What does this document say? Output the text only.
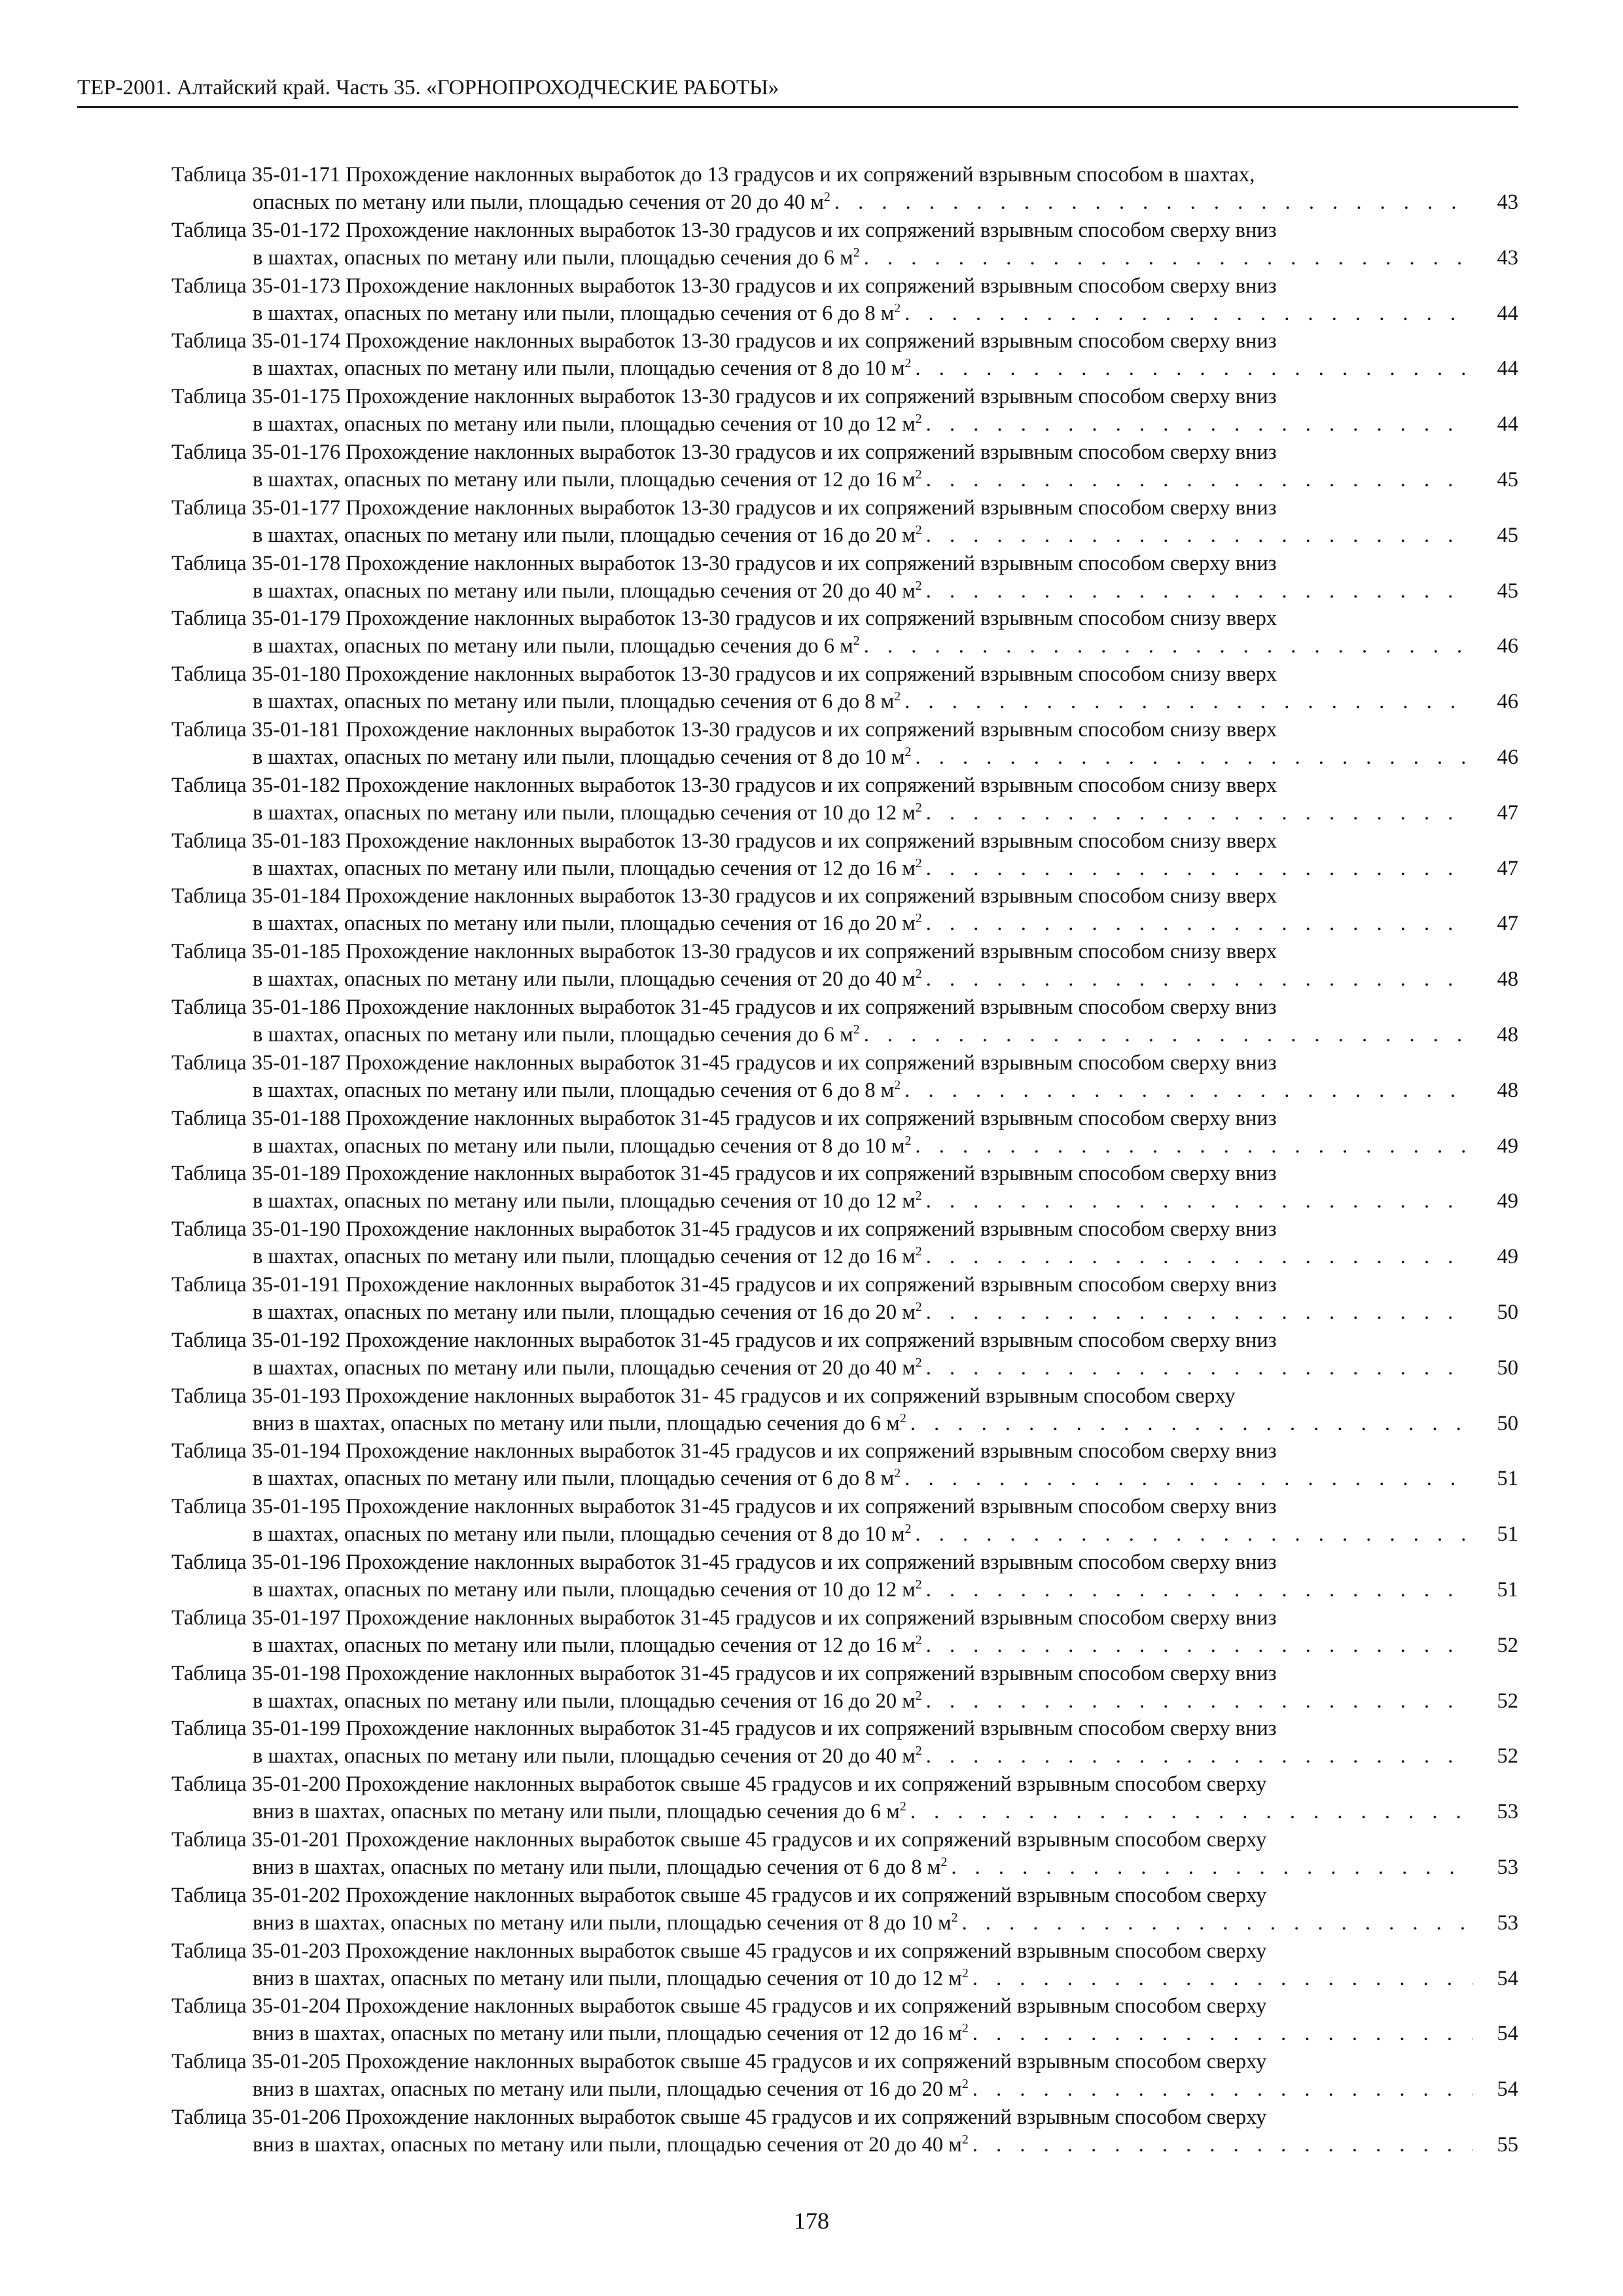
ТЕР-2001. Алтайский край. Часть 35. «ГОРНОПРОХОДЧЕСКИЕ РАБОТЫ»
Таблица 35-01-171 Прохождение наклонных выработок до 13 градусов и их сопряжений взрывным способом в шахтах,
опасных по метану или пыли, площадью сечения от 20 до 40 $м^2$ . . .	43
Таблица 35-01-172 Прохождение наклонных выработок 13-30 градусов и их сопряжений взрывным способом сверху вниз
в шахтах, опасных по метану или пыли, площадью сечения до 6 $м^2$ . . .	43
Таблица 35-01-173 Прохождение наклонных выработок 13-30 градусов и их сопряжений взрывным способом сверху вниз
в шахтах, опасных по метану или пыли, площадью сечения от 6 до 8 $м^2$ . . .	44
Таблица 35-01-174 Прохождение наклонных выработок 13-30 градусов и их сопряжений взрывным способом сверху вниз
в шахтах, опасных по метану или пыли, площадью сечения от 8 до 10 $м^2$ . . .	44
Таблица 35-01-175 Прохождение наклонных выработок 13-30 градусов и их сопряжений взрывным способом сверху вниз
в шахтах, опасных по метану или пыли, площадью сечения от 10 до 12 $м^2$ . . .	44
Таблица 35-01-176 Прохождение наклонных выработок 13-30 градусов и их сопряжений взрывным способом сверху вниз
в шахтах, опасных по метану или пыли, площадью сечения от 12 до 16 $м^2$ . . .	45
Таблица 35-01-177 Прохождение наклонных выработок 13-30 градусов и их сопряжений взрывным способом сверху вниз
в шахтах, опасных по метану или пыли, площадью сечения от 16 до 20 $м^2$ . . .	45
Таблица 35-01-178 Прохождение наклонных выработок 13-30 градусов и их сопряжений взрывным способом сверху вниз
в шахтах, опасных по метану или пыли, площадью сечения от 20 до 40 $м^2$ . . .	45
Таблица 35-01-179 Прохождение наклонных выработок 13-30 градусов и их сопряжений взрывным способом снизу вверх
в шахтах, опасных по метану или пыли, площадью сечения до 6 $м^2$ . . .	46
Таблица 35-01-180 Прохождение наклонных выработок 13-30 градусов и их сопряжений взрывным способом снизу вверх
в шахтах, опасных по метану или пыли, площадью сечения от 6 до 8 $м^2$ . . .	46
Таблица 35-01-181 Прохождение наклонных выработок 13-30 градусов и их сопряжений взрывным способом снизу вверх
в шахтах, опасных по метану или пыли, площадью сечения от 8 до 10 $м^2$ . . .	46
Таблица 35-01-182 Прохождение наклонных выработок 13-30 градусов и их сопряжений взрывным способом снизу вверх
в шахтах, опасных по метану или пыли, площадью сечения от 10 до 12 $м^2$ . . .	47
Таблица 35-01-183 Прохождение наклонных выработок 13-30 градусов и их сопряжений взрывным способом снизу вверх
в шахтах, опасных по метану или пыли, площадью сечения от 12 до 16 $м^2$ . . .	47
Таблица 35-01-184 Прохождение наклонных выработок 13-30 градусов и их сопряжений взрывным способом снизу вверх
в шахтах, опасных по метану или пыли, площадью сечения от 16 до 20 $м^2$ . . .	47
Таблица 35-01-185 Прохождение наклонных выработок 13-30 градусов и их сопряжений взрывным способом снизу вверх
в шахтах, опасных по метану или пыли, площадью сечения от 20 до 40 $м^2$ . . .	48
Таблица 35-01-186 Прохождение наклонных выработок 31-45 градусов и их сопряжений взрывным способом сверху вниз
в шахтах, опасных по метану или пыли, площадью сечения до 6 $м^2$ . . .	48
Таблица 35-01-187 Прохождение наклонных выработок 31-45 градусов и их сопряжений взрывным способом сверху вниз
в шахтах, опасных по метану или пыли, площадью сечения от 6 до 8 $м^2$ . . .	48
Таблица 35-01-188 Прохождение наклонных выработок 31-45 градусов и их сопряжений взрывным способом сверху вниз
в шахтах, опасных по метану или пыли, площадью сечения от 8 до 10 $м^2$ . . .	49
Таблица 35-01-189 Прохождение наклонных выработок 31-45 градусов и их сопряжений взрывным способом сверху вниз
в шахтах, опасных по метану или пыли, площадью сечения от 10 до 12 $м^2$ . . .	49
Таблица 35-01-190 Прохождение наклонных выработок 31-45 градусов и их сопряжений взрывным способом сверху вниз
в шахтах, опасных по метану или пыли, площадью сечения от 12 до 16 $м^2$ . . .	49
Таблица 35-01-191 Прохождение наклонных выработок 31-45 градусов и их сопряжений взрывным способом сверху вниз
в шахтах, опасных по метану или пыли, площадью сечения от 16 до 20 $м^2$ . . .	50
Таблица 35-01-192 Прохождение наклонных выработок 31-45 градусов и их сопряжений взрывным способом сверху вниз
в шахтах, опасных по метану или пыли, площадью сечения от 20 до 40 $м^2$ . . .	50
Таблица 35-01-193 Прохождение наклонных выработок 31- 45 градусов и их сопряжений взрывным способом сверху
вниз в шахтах, опасных по метану или пыли, площадью сечения до 6 $м^2$ . . .	50
Таблица 35-01-194 Прохождение наклонных выработок 31-45 градусов и их сопряжений взрывным способом сверху вниз
в шахтах, опасных по метану или пыли, площадью сечения от 6 до 8 $м^2$ . . .	51
Таблица 35-01-195 Прохождение наклонных выработок 31-45 градусов и их сопряжений взрывным способом сверху вниз
в шахтах, опасных по метану или пыли, площадью сечения от 8 до 10 $м^2$ . . .	51
Таблица 35-01-196 Прохождение наклонных выработок 31-45 градусов и их сопряжений взрывным способом сверху вниз
в шахтах, опасных по метану или пыли, площадью сечения от 10 до 12 $м^2$ . . .	51
Таблица 35-01-197 Прохождение наклонных выработок 31-45 градусов и их сопряжений взрывным способом сверху вниз
в шахтах, опасных по метану или пыли, площадью сечения от 12 до 16 $м^2$ . . .	52
Таблица 35-01-198 Прохождение наклонных выработок 31-45 градусов и их сопряжений взрывным способом сверху вниз
в шахтах, опасных по метану или пыли, площадью сечения от 16 до 20 $м^2$ . . .	52
Таблица 35-01-199 Прохождение наклонных выработок 31-45 градусов и их сопряжений взрывным способом сверху вниз
в шахтах, опасных по метану или пыли, площадью сечения от 20 до 40 $м^2$ . . .	52
Таблица 35-01-200 Прохождение наклонных выработок свыше 45 градусов и их сопряжений взрывным способом сверху
вниз в шахтах, опасных по метану или пыли, площадью сечения до 6 $м^2$ . . .	53
Таблица 35-01-201 Прохождение наклонных выработок свыше 45 градусов и их сопряжений взрывным способом сверху
вниз в шахтах, опасных по метану или пыли, площадью сечения от 6 до 8 $м^2$ . . .	53
Таблица 35-01-202 Прохождение наклонных выработок свыше 45 градусов и их сопряжений взрывным способом сверху
вниз в шахтах, опасных по метану или пыли, площадью сечения от 8 до 10 $м^2$ . . .	53
Таблица 35-01-203 Прохождение наклонных выработок свыше 45 градусов и их сопряжений взрывным способом сверху
вниз в шахтах, опасных по метану или пыли, площадью сечения от 10 до 12 $м^2$ . . .	54
Таблица 35-01-204 Прохождение наклонных выработок свыше 45 градусов и их сопряжений взрывным способом сверху
вниз в шахтах, опасных по метану или пыли, площадью сечения от 12 до 16 $м^2$ . . .	54
Таблица 35-01-205 Прохождение наклонных выработок свыше 45 градусов и их сопряжений взрывным способом сверху
вниз в шахтах, опасных по метану или пыли, площадью сечения от 16 до 20 $м^2$ . . .	54
Таблица 35-01-206 Прохождение наклонных выработок свыше 45 градусов и их сопряжений взрывным способом сверху
вниз в шахтах, опасных по метану или пыли, площадью сечения от 20 до 40 $м^2$ . . .	55
178
